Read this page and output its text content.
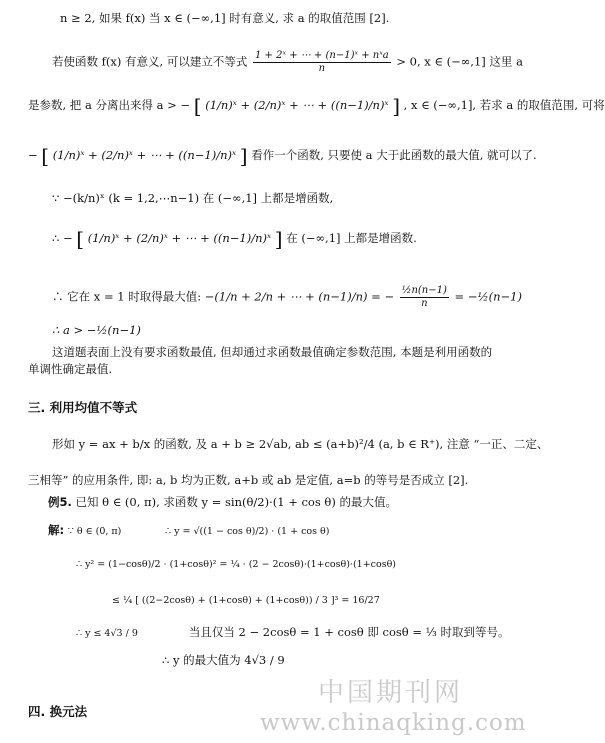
n ≥ 2, 如果 f(x) 当 x ∈ (−∞,1] 时有意义, 求 a 的取值范围 [2].
若使函数 f(x) 有意义, 可以建立不等式 $\frac{\text{1 + 2ˣ + ⋯ + (n−1)ˣ + nˣa}}{n} > 0$, x ∈ (−∞,1] 这里 a
是参数, 把 a 分离出来得 a > − [ (1/n)ˣ + (2/n)ˣ + ⋯ + ((n−1)/n)ˣ ] , x ∈ (−∞,1], 若求 a 的取值范围, 可将
− [ (1/n)ˣ + (2/n)ˣ + ⋯ + ((n−1)/n)ˣ ] 看作一个函数, 只要使 a 大于此函数的最大值, 就可以了.
∵ −(k/n)ˣ (k = 1,2,⋯n−1) 在 (−∞,1] 上都是增函数,
∴ − [ (1/n)ˣ + (2/n)ˣ + ⋯ + ((n−1)/n)ˣ ] 在 (−∞,1] 上都是增函数.
∴ 它在 x = 1 时取得最大值: −(1/n + 2/n + ⋯ + (n−1)/n) = − $\frac{\text{½n(n−1)}}{n}$ = −½(n−1)
∴ a > −½(n−1)
这道题表面上没有要求函数最值, 但却通过求函数最值确定参数范围, 本题是利用函数的
单调性确定最值.
三. 利用均值不等式
形如 y = ax + b/x 的函数, 及 a + b ≥ 2√ab, ab ≤ (a+b)²/4 (a, b ∈ R⁺), 注意 “一正、二定、
三相等” 的应用条件, 即: a, b 均为正数, a+b 或 ab 是定值, a=b 的等号是否成立 [2].
例5. 已知 θ ∈ (0, π), 求函数 y = sin(θ/2)·(1 + cos θ) 的最大值。
解: ∵ θ ∈ (0, π)	∴ y = √((1 − cos θ)/2) · (1 + cos θ)
∴ y² = (1−cosθ)/2 · (1+cosθ)² = ¼ · (2 − 2cosθ)·(1+cosθ)·(1+cosθ)
≤ ¼ [ ((2−2cosθ) + (1+cosθ) + (1+cosθ)) / 3 ]³ = 16/27
∴ y ≤ 4√3 / 9	当且仅当 2 − 2cosθ = 1 + cosθ 即 cosθ = ⅓ 时取到等号。
∴ y 的最大值为 4√3 / 9
中国期刊网
www.chinaqking.com
四. 换元法
